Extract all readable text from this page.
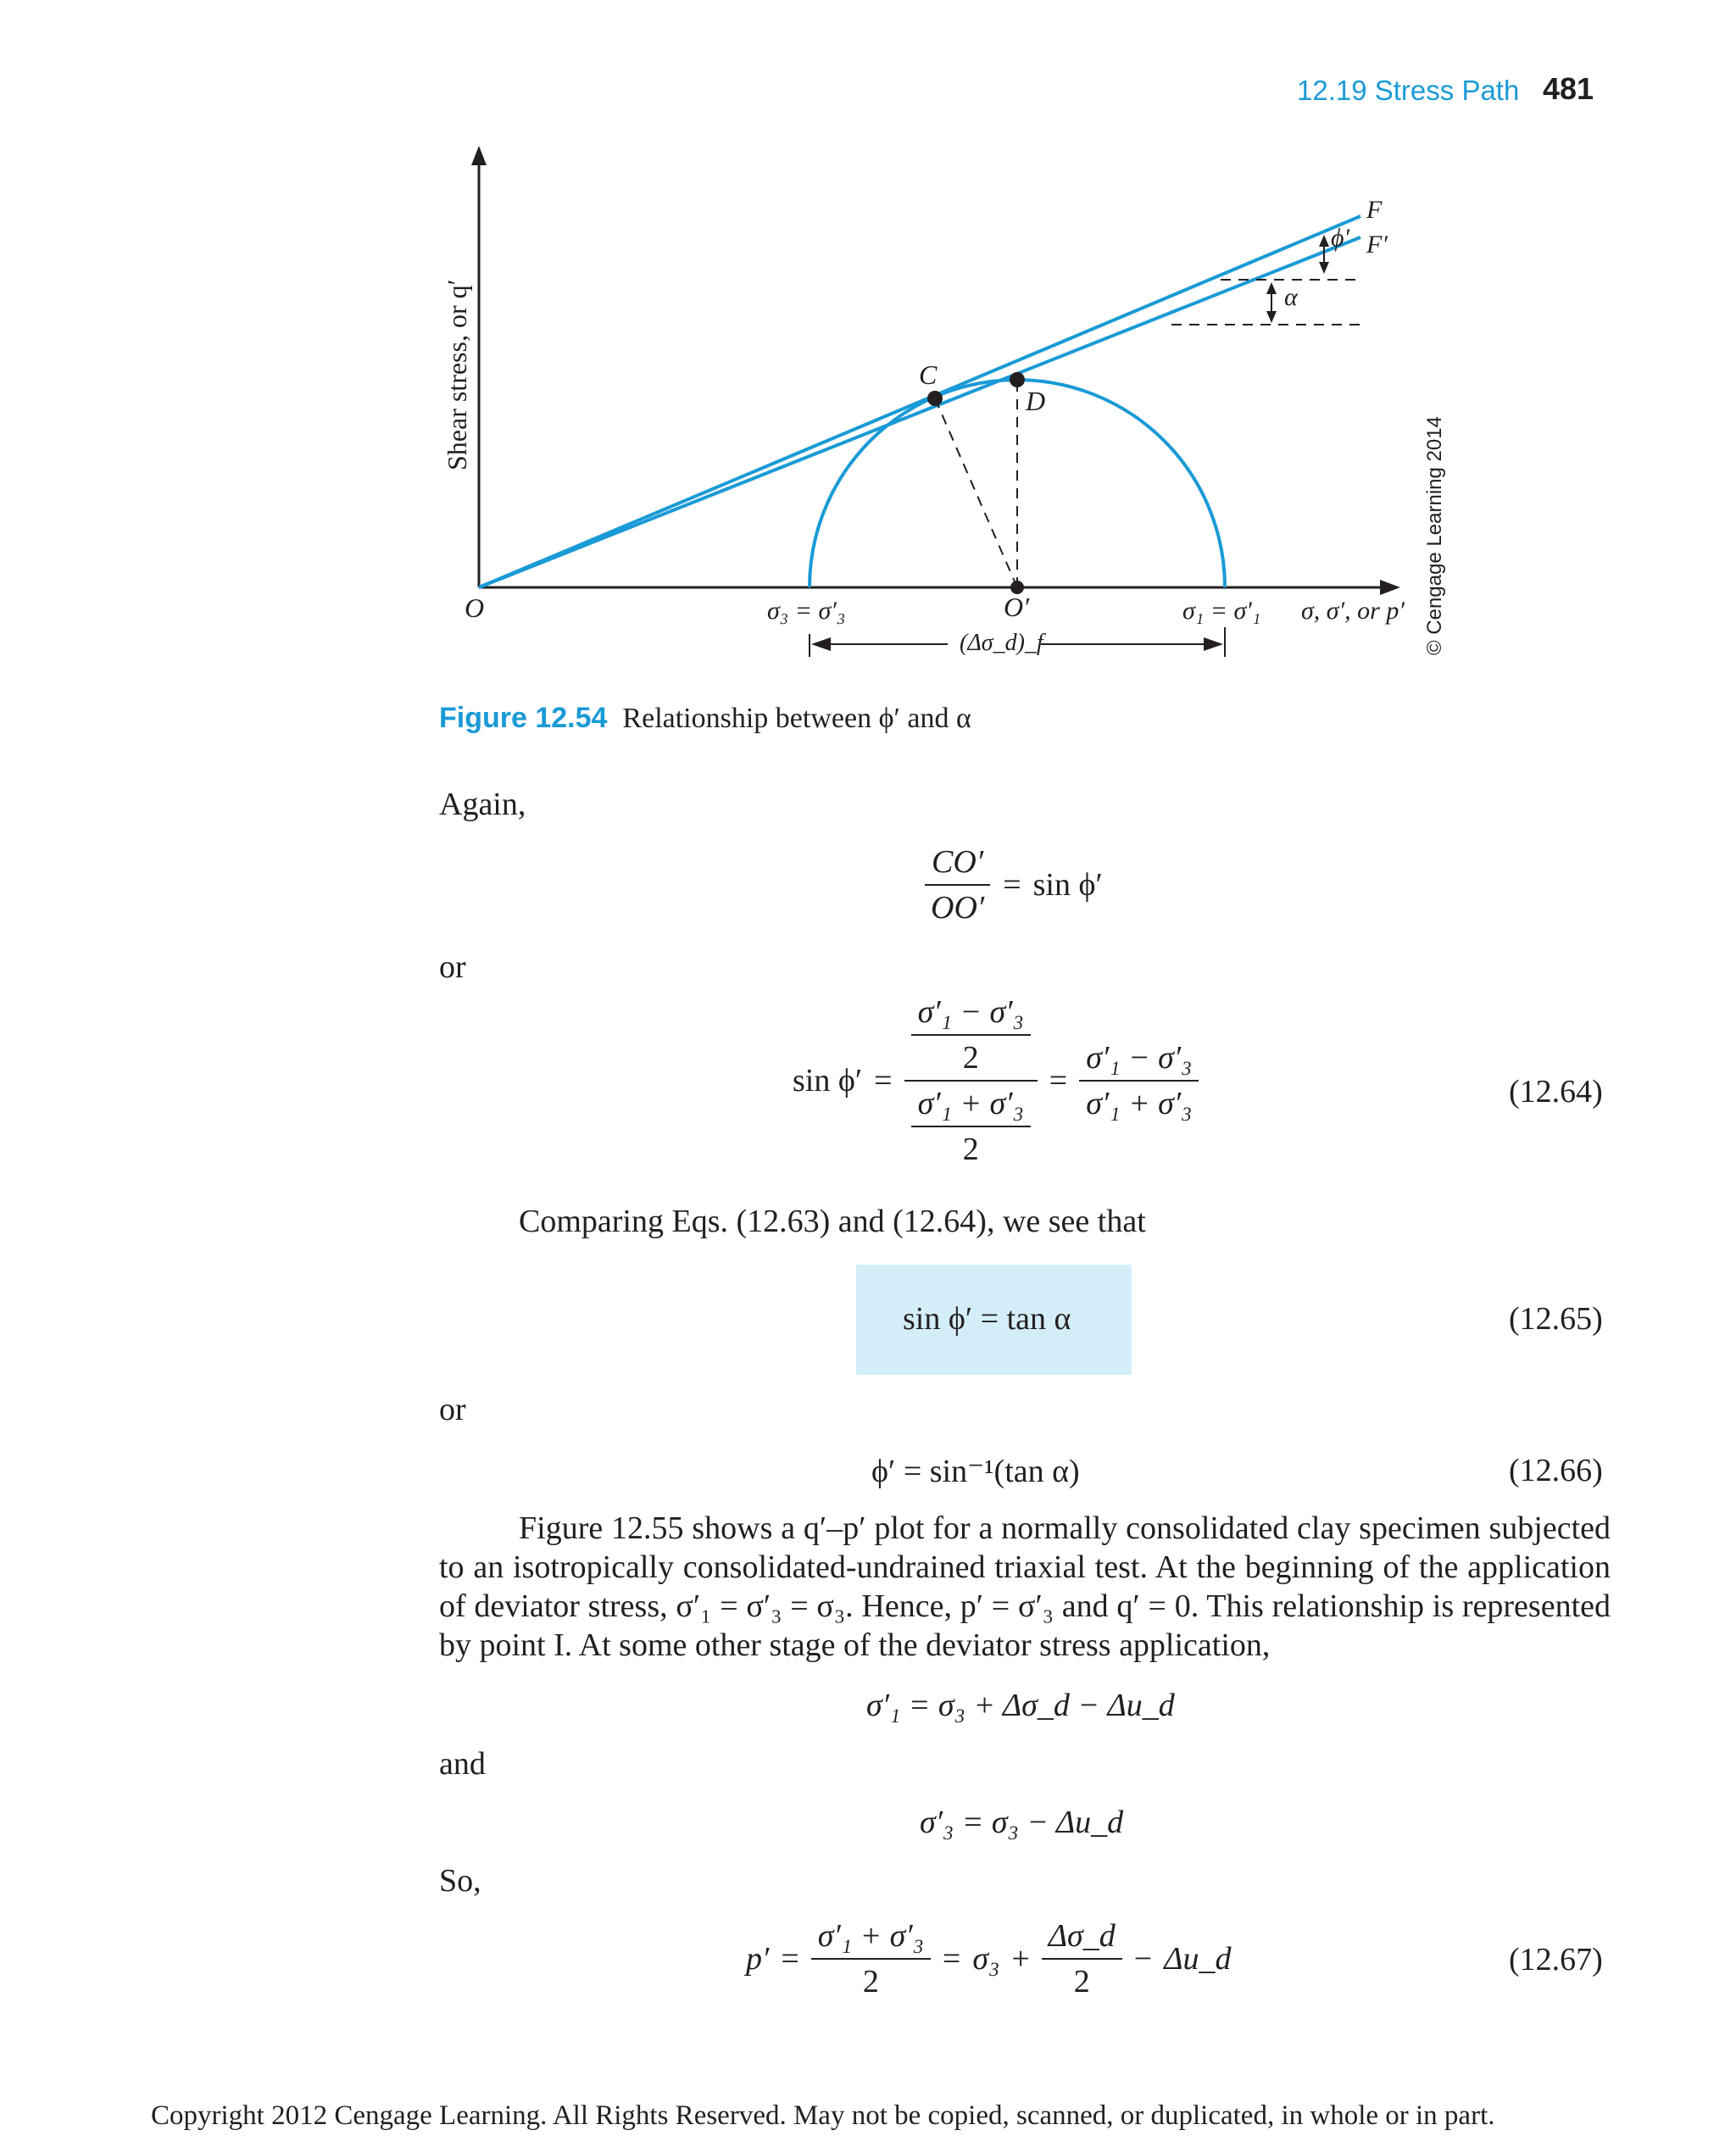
12.19 Stress Path 481
O
C
D
O′
σ₃ = σ′₃	σ₁ = σ′₁
(Δσ_d)_f
σ, σ′, or p′
F
F′
ϕ′
α
Shear stress, or q′
© Cengage Learning 2014
Figure 12.54 Relationship between ϕ′ and α
Again,
$\frac{CO'}{OO'} = \sin \phi'$
or
$\sin \phi' = \frac{\frac{\text{σ′₁ − σ′₃}}{2}}{\frac{\text{σ′₁ + σ′₃}}{2}} = \frac{\text{σ′₁ − σ′₃}}{\text{σ′₁ + σ′₃}}$	(12.64)
Comparing Eqs. (12.63) and (12.64), we see that
sin ϕ′ = tan α	(12.65)
or
ϕ′ = sin⁻¹(tan α)	(12.66)
Figure 12.55 shows a q′–p′ plot for a normally consolidated clay specimen subjected to an isotropically consolidated-undrained triaxial test. At the beginning of the application of deviator stress, σ′₁ = σ′₃ = σ₃. Hence, p′ = σ′₃ and q′ = 0. This relationship is represented by point I. At some other stage of the deviator stress application,
σ′₁ = σ₃ + Δσ_d − Δu_d
and
σ′₃ = σ₃ − Δu_d
So,
$p' = \frac{\text{σ′₁ + σ′₃}}{2} = \sigma_3 + \frac{\Delta\sigma\_d}{2}$ − Δu_d	(12.67)
Copyright 2012 Cengage Learning. All Rights Reserved. May not be copied, scanned, or duplicated, in whole or in part.
